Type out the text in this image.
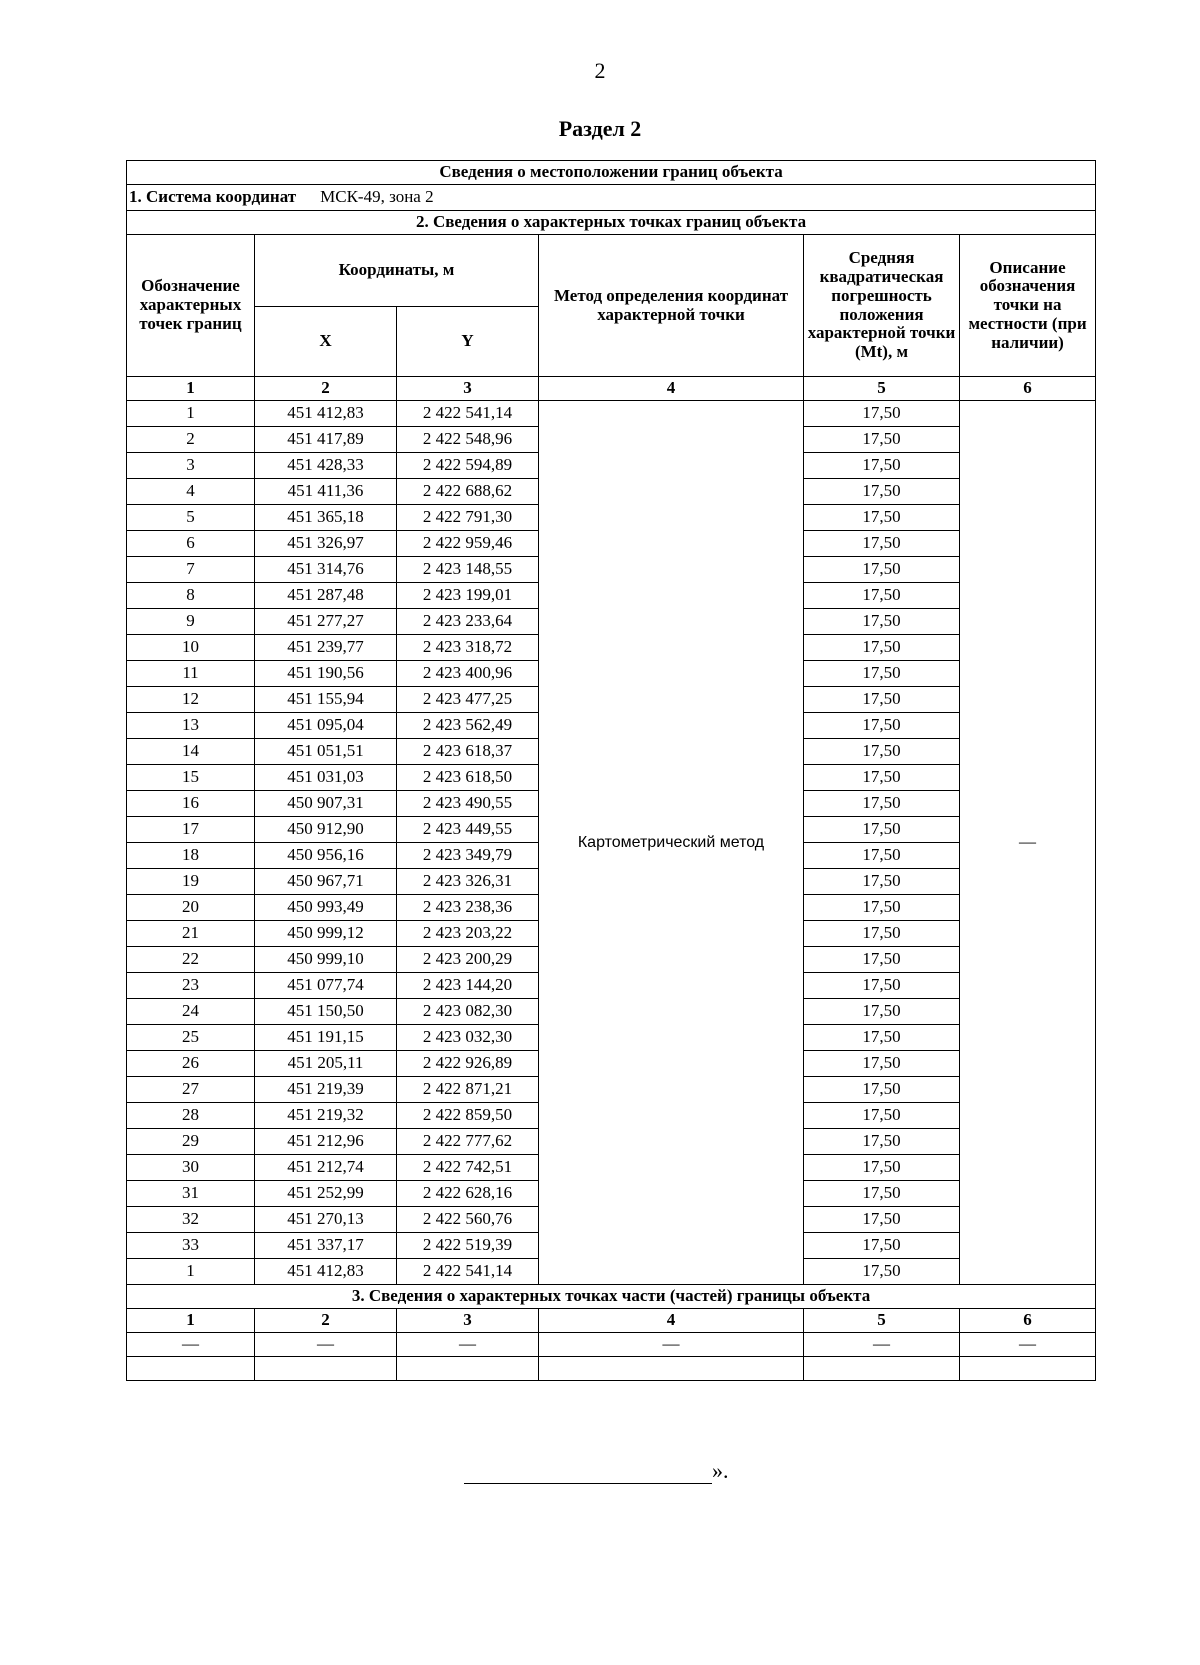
2
Раздел 2
Сведения о местоположении границ объекта					
1. Система координат МСК-49, зона 2					
2. Сведения о характерных точках границ объекта					
Обозначение характерных точек границ	Координаты, м		Метод определения координат характерной точки	Средняя квадратическая погрешность положения характерной точки (Mt), м	Описание обозначения точки на местности (при наличии)
	X	Y			
1	2	3	4	5	6
1	451 412,83	2 422 541,14	Картометрический метод	17,50	—
2	451 417,89	2 422 548,96		17,50	
3	451 428,33	2 422 594,89		17,50	
4	451 411,36	2 422 688,62		17,50	
5	451 365,18	2 422 791,30		17,50	
6	451 326,97	2 422 959,46		17,50	
7	451 314,76	2 423 148,55		17,50	
8	451 287,48	2 423 199,01		17,50	
9	451 277,27	2 423 233,64		17,50	
10	451 239,77	2 423 318,72		17,50	
11	451 190,56	2 423 400,96		17,50	
12	451 155,94	2 423 477,25		17,50	
13	451 095,04	2 423 562,49		17,50	
14	451 051,51	2 423 618,37		17,50	
15	451 031,03	2 423 618,50		17,50	
16	450 907,31	2 423 490,55		17,50	
17	450 912,90	2 423 449,55		17,50	
18	450 956,16	2 423 349,79		17,50	
19	450 967,71	2 423 326,31		17,50	
20	450 993,49	2 423 238,36		17,50	
21	450 999,12	2 423 203,22		17,50	
22	450 999,10	2 423 200,29		17,50	
23	451 077,74	2 423 144,20		17,50	
24	451 150,50	2 423 082,30		17,50	
25	451 191,15	2 423 032,30		17,50	
26	451 205,11	2 422 926,89		17,50	
27	451 219,39	2 422 871,21		17,50	
28	451 219,32	2 422 859,50		17,50	
29	451 212,96	2 422 777,62		17,50	
30	451 212,74	2 422 742,51		17,50	
31	451 252,99	2 422 628,16		17,50	
32	451 270,13	2 422 560,76		17,50	
33	451 337,17	2 422 519,39		17,50	
1	451 412,83	2 422 541,14		17,50	
3. Сведения о характерных точках части (частей) границы объекта					
1	2	3	4	5	6
—	—	—	—	—	—

».
